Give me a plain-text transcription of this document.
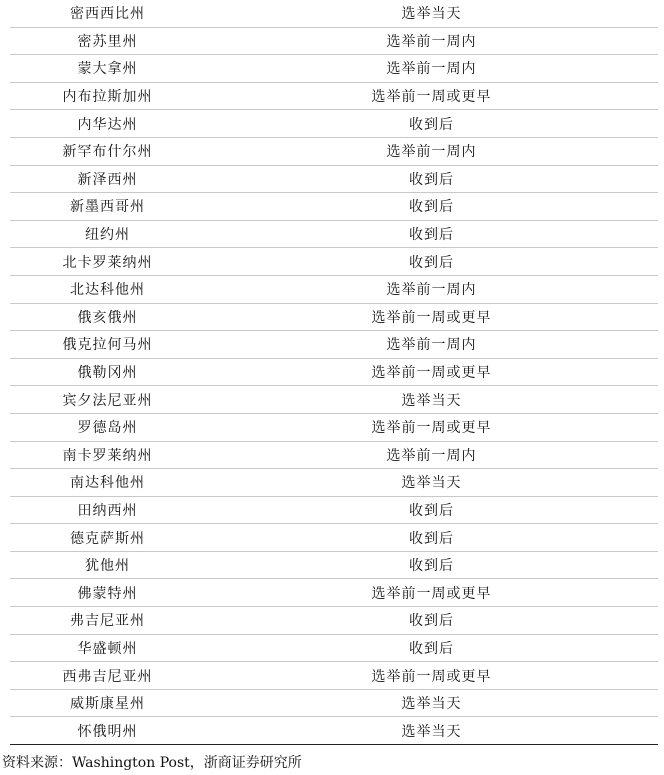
密西西比州	选举当天
密苏里州	选举前一周内
蒙大拿州	选举前一周内
内布拉斯加州	选举前一周或更早
内华达州	收到后
新罕布什尔州	选举前一周内
新泽西州	收到后
新墨西哥州	收到后
纽约州	收到后
北卡罗莱纳州	收到后
北达科他州	选举前一周内
俄亥俄州	选举前一周或更早
俄克拉何马州	选举前一周内
俄勒冈州	选举前一周或更早
宾夕法尼亚州	选举当天
罗德岛州	选举前一周或更早
南卡罗莱纳州	选举前一周内
南达科他州	选举当天
田纳西州	收到后
德克萨斯州	收到后
犹他州	收到后
佛蒙特州	选举前一周或更早
弗吉尼亚州	收到后
华盛顿州	收到后
西弗吉尼亚州	选举前一周或更早
威斯康星州	选举当天
怀俄明州	选举当天
资料来源：Washington Post，浙商证券研究所
